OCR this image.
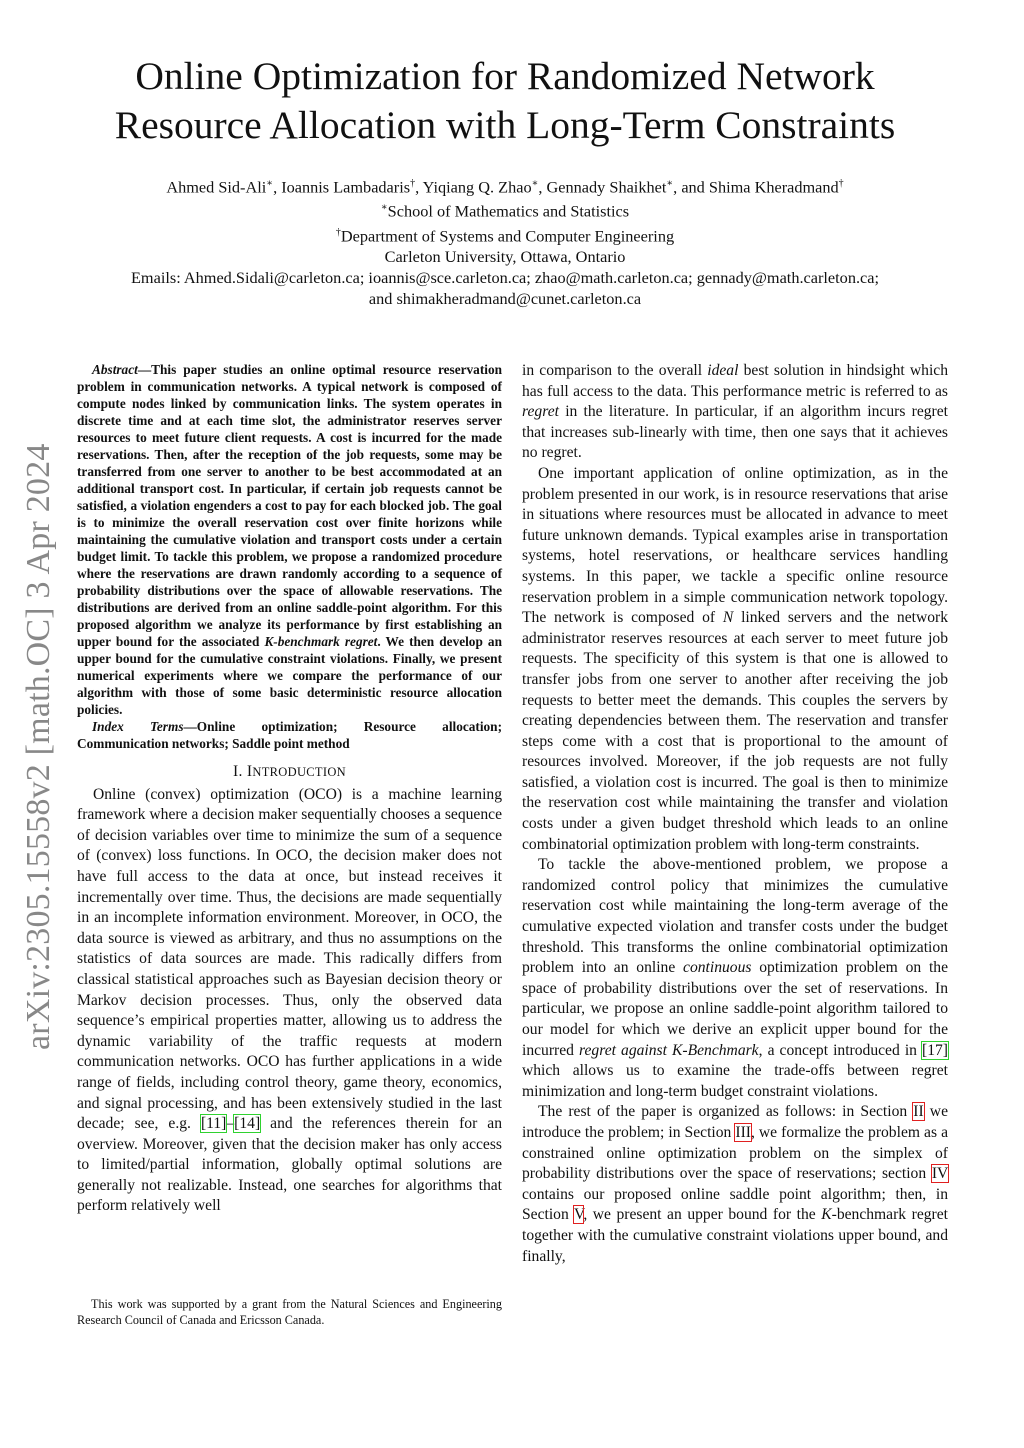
Online Optimization for Randomized Network
Resource Allocation with Long-Term Constraints
Ahmed Sid-Ali∗, Ioannis Lambadaris†, Yiqiang Q. Zhao∗, Gennady Shaikhet∗, and Shima Kheradmand†
∗School of Mathematics and Statistics
†Department of Systems and Computer Engineering
Carleton University, Ottawa, Ontario
Emails: Ahmed.Sidali@carleton.ca; ioannis@sce.carleton.ca; zhao@math.carleton.ca; gennady@math.carleton.ca;
and shimakheradmand@cunet.carleton.ca
arXiv:2305.15558v2 [math.OC] 3 Apr 2024

Abstract—This paper studies an online optimal resource reservation problem in communication networks. A typical network is composed of compute nodes linked by communication links. The system operates in discrete time and at each time slot, the administrator reserves server resources to meet future client requests. A cost is incurred for the made reservations. Then, after the reception of the job requests, some may be transferred from one server to another to be best accommodated at an additional transport cost. In particular, if certain job requests cannot be satisfied, a violation engenders a cost to pay for each blocked job. The goal is to minimize the overall reservation cost over finite horizons while maintaining the cumulative violation and transport costs under a certain budget limit. To tackle this problem, we propose a randomized procedure where the reservations are drawn randomly according to a sequence of probability distributions over the space of allowable reservations. The distributions are derived from an online saddle-point algorithm. For this proposed algorithm we analyze its performance by first establishing an upper bound for the associated K-benchmark regret. We then develop an upper bound for the cumulative constraint violations. Finally, we present numerical experiments where we compare the performance of our algorithm with those of some basic deterministic resource allocation policies.

Index Terms—Online optimization; Resource allocation; Communication networks; Saddle point method

I. INTRODUCTION

Online (convex) optimization (OCO) is a machine learning framework where a decision maker sequentially chooses a sequence of decision variables over time to minimize the sum of a sequence of (convex) loss functions. In OCO, the decision maker does not have full access to the data at once, but instead receives it incrementally over time. Thus, the decisions are made sequentially in an incomplete information environment. Moreover, in OCO, the data source is viewed as arbitrary, and thus no assumptions on the statistics of data sources are made. This radically differs from classical statistical approaches such as Bayesian decision theory or Markov decision processes. Thus, only the observed data sequence’s empirical properties matter, allowing us to address the dynamic variability of the traffic requests at modern communication networks. OCO has further applications in a wide range of fields, including control theory, game theory, economics, and signal processing, and has been extensively studied in the last decade; see, e.g. [11]–[14] and the references therein for an overview. Moreover, given that the decision maker has only access to limited/partial information, globally optimal solutions are generally not realizable. Instead, one searches for algorithms that perform relatively well

in comparison to the overall ideal best solution in hindsight which has full access to the data. This performance metric is referred to as regret in the literature. In particular, if an algorithm incurs regret that increases sub-linearly with time, then one says that it achieves no regret.

One important application of online optimization, as in the problem presented in our work, is in resource reservations that arise in situations where resources must be allocated in advance to meet future unknown demands. Typical examples arise in transportation systems, hotel reservations, or healthcare services handling systems. In this paper, we tackle a specific online resource reservation problem in a simple communication network topology. The network is composed of N linked servers and the network administrator reserves resources at each server to meet future job requests. The specificity of this system is that one is allowed to transfer jobs from one server to another after receiving the job requests to better meet the demands. This couples the servers by creating dependencies between them. The reservation and transfer steps come with a cost that is proportional to the amount of resources involved. Moreover, if the job requests are not fully satisfied, a violation cost is incurred. The goal is then to minimize the reservation cost while maintaining the transfer and violation costs under a given budget threshold which leads to an online combinatorial optimization problem with long-term constraints.

To tackle the above-mentioned problem, we propose a randomized control policy that minimizes the cumulative reservation cost while maintaining the long-term average of the cumulative expected violation and transfer costs under the budget threshold. This transforms the online combinatorial optimization problem into an online continuous optimization problem on the space of probability distributions over the set of reservations. In particular, we propose an online saddle-point algorithm tailored to our model for which we derive an explicit upper bound for the incurred regret against K-Benchmark, a concept introduced in [17] which allows us to examine the trade-offs between regret minimization and long-term budget constraint violations.

The rest of the paper is organized as follows: in Section II we introduce the problem; in Section III, we formalize the problem as a constrained online optimization problem on the simplex of probability distributions over the space of reservations; section IV contains our proposed online saddle point algorithm; then, in Section V, we present an upper bound for the K-benchmark regret together with the cumulative constraint violations upper bound, and finally,

This work was supported by a grant from the Natural Sciences and Engineering Research Council of Canada and Ericsson Canada.
